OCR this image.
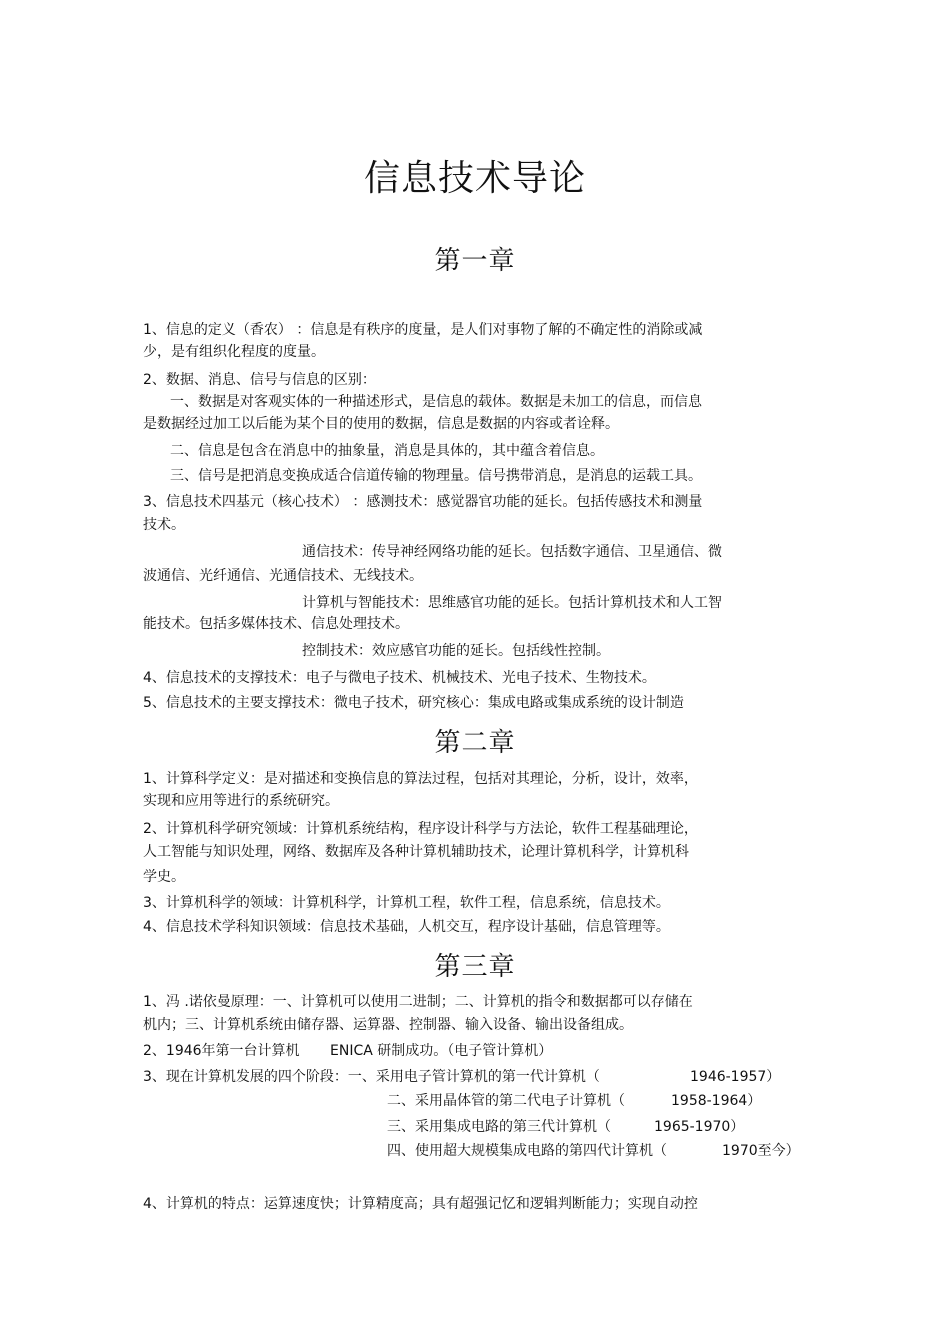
信息技术导论
第一章
1、信息的定义（香农） ：信息是有秩序的度量，是人们对事物了解的不确定性的消除或减
少，是有组织化程度的度量。
2、数据、消息、信号与信息的区别：
一、数据是对客观实体的一种描述形式，是信息的载体。数据是未加工的信息，而信息
是数据经过加工以后能为某个目的使用的数据，信息是数据的内容或者诠释。
二、信息是包含在消息中的抽象量，消息是具体的，其中蕴含着信息。
三、信号是把消息变换成适合信道传输的物理量。信号携带消息，是消息的运载工具。
3、信息技术四基元（核心技术） ：感测技术：感觉器官功能的延长。包括传感技术和测量
技术。
通信技术：传导神经网络功能的延长。包括数字通信、卫星通信、微
波通信、光纤通信、光通信技术、无线技术。
计算机与智能技术：思维感官功能的延长。包括计算机技术和人工智
能技术。包括多媒体技术、信息处理技术。
控制技术：效应感官功能的延长。包括线性控制。
4、信息技术的支撑技术：电子与微电子技术、机械技术、光电子技术、生物技术。
5、信息技术的主要支撑技术：微电子技术，研究核心：集成电路或集成系统的设计制造
第二章
1、计算科学定义：是对描述和变换信息的算法过程，包括对其理论，分析，设计，效率，
实现和应用等进行的系统研究。
2、计算机科学研究领域：计算机系统结构，程序设计科学与方法论，软件工程基础理论，
人工智能与知识处理，网络、数据库及各种计算机辅助技术，论理计算机科学，计算机科
学史。
3、计算机科学的领域：计算机科学，计算机工程，软件工程，信息系统，信息技术。
4、信息技术学科知识领域：信息技术基础，人机交互，程序设计基础，信息管理等。
第三章
1、冯 .诺依曼原理：一、计算机可以使用二进制；二、计算机的指令和数据都可以存储在
机内；三、计算机系统由储存器、运算器、控制器、输入设备、输出设备组成。
2、1946年第一台计算机 ENICA 研制成功。（电子管计算机）
3、现在计算机发展的四个阶段：一、采用电子管计算机的第一代计算机（	1946-1957）
二、采用晶体管的第二代电子计算机（	1958-1964）
三、采用集成电路的第三代计算机（	1965-1970）
四、使用超大规模集成电路的第四代计算机（	1970至今）
4、计算机的特点：运算速度快；计算精度高；具有超强记忆和逻辑判断能力；实现自动控
